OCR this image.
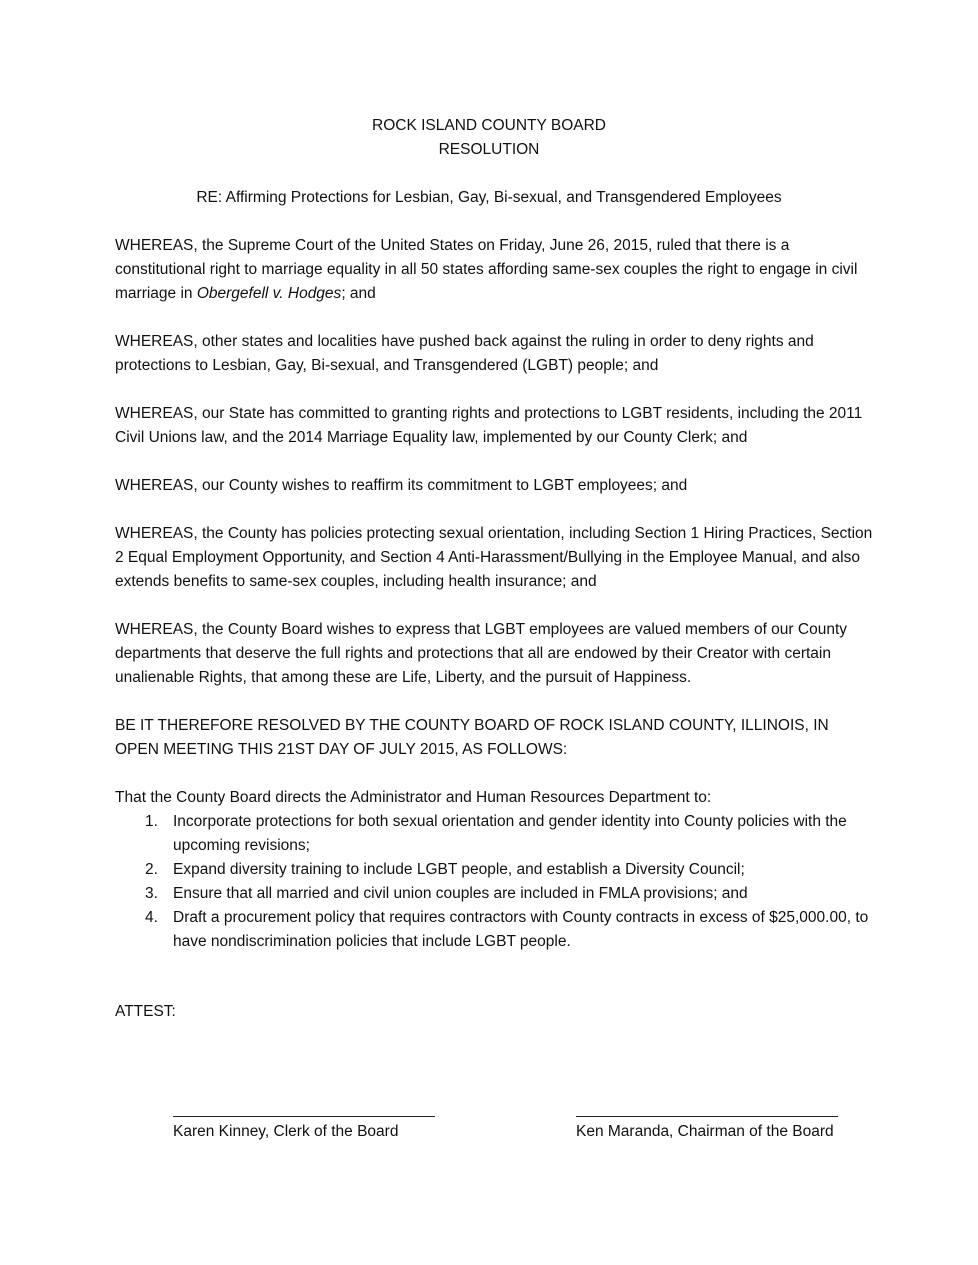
ROCK ISLAND COUNTY BOARD

RESOLUTION

RE: Affirming Protections for Lesbian, Gay, Bi-sexual, and Transgendered Employees

WHEREAS, the Supreme Court of the United States on Friday, June 26, 2015, ruled that there is a constitutional right to marriage equality in all 50 states affording same-sex couples the right to engage in civil marriage in Obergefell v. Hodges; and

WHEREAS, other states and localities have pushed back against the ruling in order to deny rights and protections to Lesbian, Gay, Bi-sexual, and Transgendered (LGBT) people; and

WHEREAS, our State has committed to granting rights and protections to LGBT residents, including the 2011 Civil Unions law, and the 2014 Marriage Equality law, implemented by our County Clerk; and

WHEREAS, our County wishes to reaffirm its commitment to LGBT employees; and

WHEREAS, the County has policies protecting sexual orientation, including Section 1 Hiring Practices, Section 2 Equal Employment Opportunity, and Section 4 Anti-Harassment/Bullying in the Employee Manual, and also extends benefits to same-sex couples, including health insurance; and

WHEREAS, the County Board wishes to express that LGBT employees are valued members of our County departments that deserve the full rights and protections that all are endowed by their Creator with certain unalienable Rights, that among these are Life, Liberty, and the pursuit of Happiness.

BE IT THEREFORE RESOLVED BY THE COUNTY BOARD OF ROCK ISLAND COUNTY, ILLINOIS, IN OPEN MEETING THIS 21ST DAY OF JULY 2015, AS FOLLOWS:

That the County Board directs the Administrator and Human Resources Department to:

1. Incorporate protections for both sexual orientation and gender identity into County policies with the upcoming revisions;
2. Expand diversity training to include LGBT people, and establish a Diversity Council;
3. Ensure that all married and civil union couples are included in FMLA provisions; and
4. Draft a procurement policy that requires contractors with County contracts in excess of $25,000.00, to have nondiscrimination policies that include LGBT people.

ATTEST:

Karen Kinney, Clerk of the Board	Ken Maranda, Chairman of the Board
